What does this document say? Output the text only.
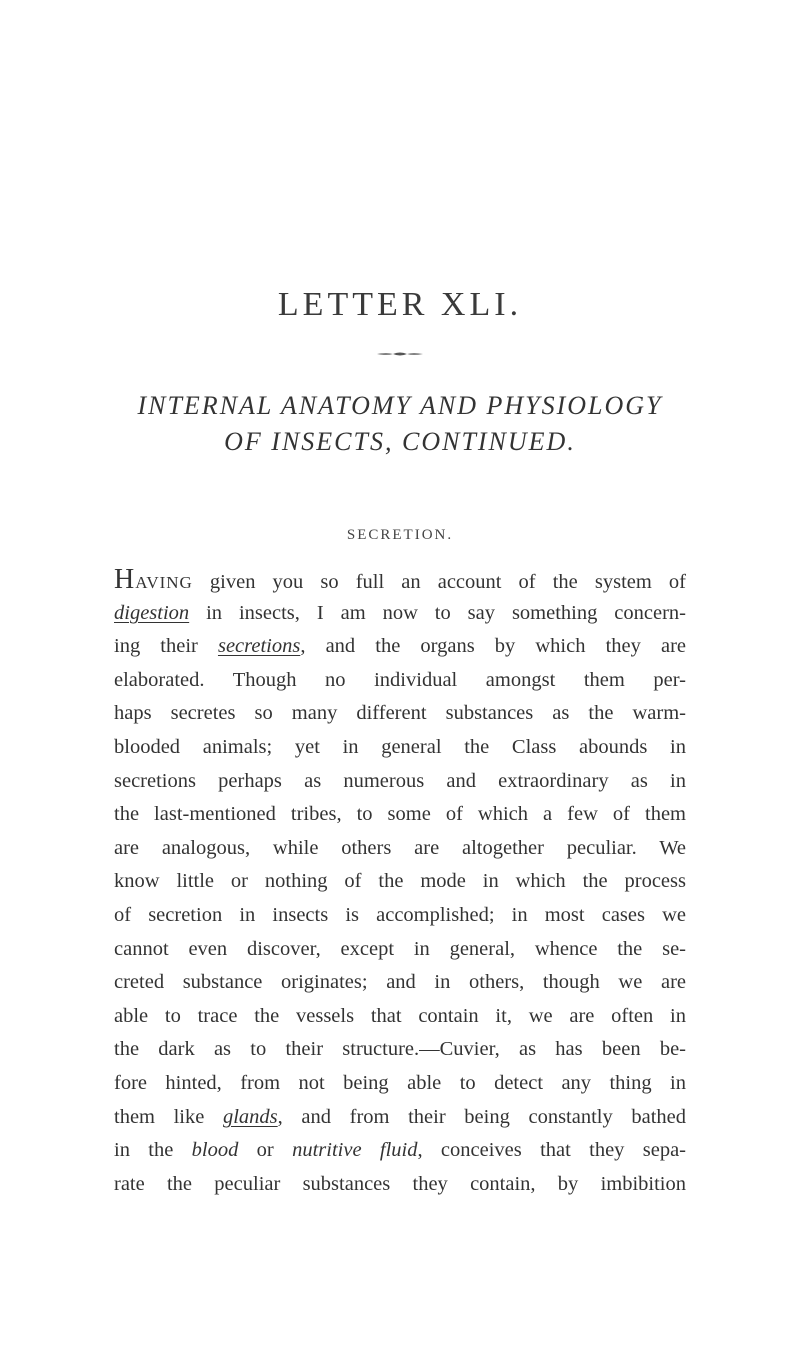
LETTER XLI.
INTERNAL ANATOMY AND PHYSIOLOGY
OF INSECTS, CONTINUED.
SECRETION.
HAVING given you so full an account of the system of
digestion in insects, I am now to say something concern-
ing their secretions, and the organs by which they are
elaborated. Though no individual amongst them per-
haps secretes so many different substances as the warm-
blooded animals; yet in general the Class abounds in
secretions perhaps as numerous and extraordinary as in
the last-mentioned tribes, to some of which a few of them
are analogous, while others are altogether peculiar. We
know little or nothing of the mode in which the process
of secretion in insects is accomplished; in most cases we
cannot even discover, except in general, whence the se-
creted substance originates; and in others, though we are
able to trace the vessels that contain it, we are often in
the dark as to their structure.—Cuvier, as has been be-
fore hinted, from not being able to detect any thing in
them like glands, and from their being constantly bathed
in the blood or nutritive fluid, conceives that they sepa-
rate the peculiar substances they contain, by imbibition
